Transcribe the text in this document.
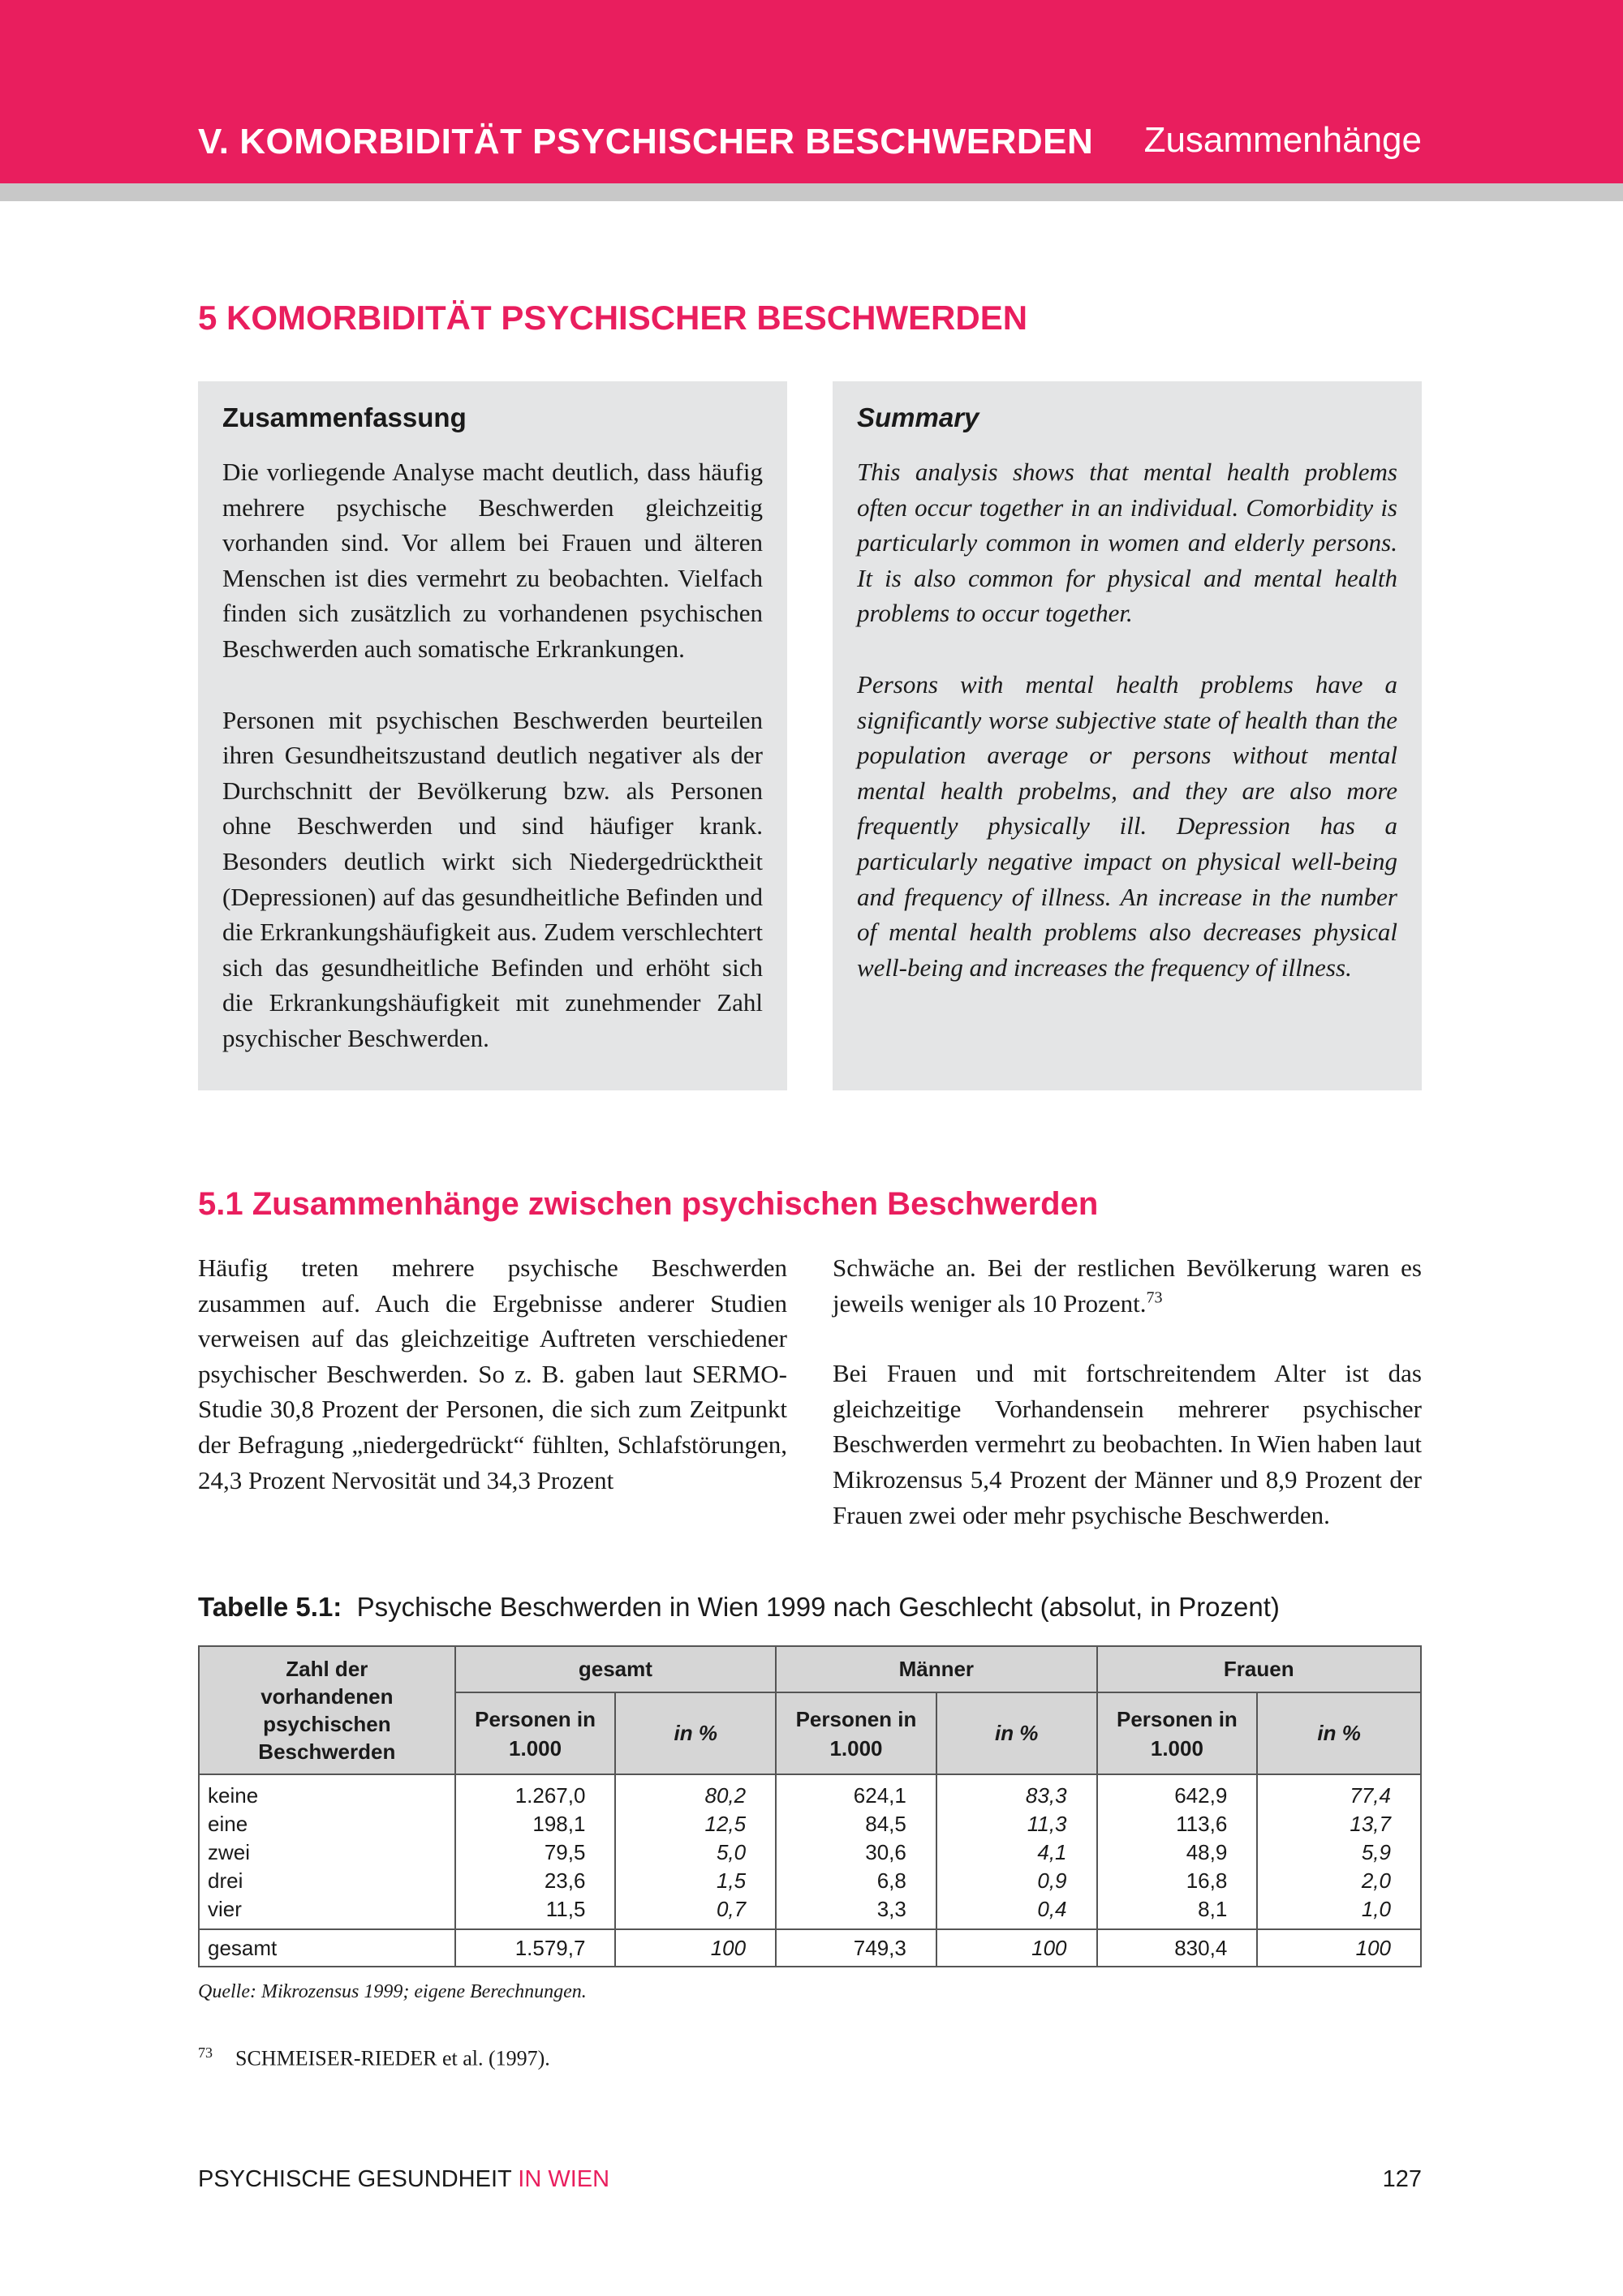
V. KOMORBIDITÄT PSYCHISCHER BESCHWERDEN Zusammenhänge
5 KOMORBIDITÄT PSYCHISCHER BESCHWERDEN
Zusammenfassung

Die vorliegende Analyse macht deutlich, dass häufig mehrere psychische Beschwerden gleichzeitig vorhanden sind. Vor allem bei Frauen und älteren Menschen ist dies vermehrt zu beobachten. Vielfach finden sich zusätzlich zu vorhandenen psychischen Beschwerden auch somatische Erkrankungen.

Personen mit psychischen Beschwerden beurteilen ihren Gesundheitszustand deutlich negativer als der Durchschnitt der Bevölkerung bzw. als Personen ohne Beschwerden und sind häufiger krank. Besonders deutlich wirkt sich Niedergedrücktheit (Depressionen) auf das gesundheitliche Befinden und die Erkrankungshäufigkeit aus. Zudem verschlechtert sich das gesundheitliche Befinden und erhöht sich die Erkrankungshäufigkeit mit zunehmender Zahl psychischer Beschwerden.

Summary

This analysis shows that mental health problems often occur together in an individual. Comorbidity is particularly common in women and elderly persons. It is also common for physical and mental health problems to occur together.

Persons with mental health problems have a significantly worse subjective state of health than the population average or persons without mental mental health probelms, and they are also more frequently physically ill. Depression has a particularly negative impact on physical well-being and frequency of illness. An increase in the number of mental health problems also decreases physical well-being and increases the frequency of illness.

5.1 Zusammenhänge zwischen psychischen Beschwerden

Häufig treten mehrere psychische Beschwerden zusammen auf. Auch die Ergebnisse anderer Studien verweisen auf das gleichzeitige Auftreten verschiedener psychischer Beschwerden. So z. B. gaben laut SERMO-Studie 30,8 Prozent der Personen, die sich zum Zeitpunkt der Befragung „niedergedrückt“ fühlten, Schlafstörungen, 24,3 Prozent Nervosität und 34,3 Prozent

Schwäche an. Bei der restlichen Bevölkerung waren es jeweils weniger als 10 Prozent.$^{73}$

Bei Frauen und mit fortschreitendem Alter ist das gleichzeitige Vorhandensein mehrerer psychischer Beschwerden vermehrt zu beobachten. In Wien haben laut Mikrozensus 5,4 Prozent der Männer und 8,9 Prozent der Frauen zwei oder mehr psychische Beschwerden.

Tabelle 5.1: Psychische Beschwerden in Wien 1999 nach Geschlecht (absolut, in Prozent)
Zahl der vorhandenen psychischen Beschwerden	gesamt		Männer		Frauen	
	Personen in 1.000	in %	Personen in 1.000	in %	Personen in 1.000	in %
keine	1.267,0	80,2	624,1	83,3	642,9	77,4
eine	198,1	12,5	84,5	11,3	113,6	13,7
zwei	79,5	5,0	30,6	4,1	48,9	5,9
drei	23,6	1,5	6,8	0,9	16,8	2,0
vier	11,5	0,7	3,3	0,4	8,1	1,0
gesamt	1.579,7	100	749,3	100	830,4	100
Quelle: Mikrozensus 1999; eigene Berechnungen.
$^{73}$ SCHMEISER-RIEDER et al. (1997).
PSYCHISCHE GESUNDHEIT IN WIEN	127
